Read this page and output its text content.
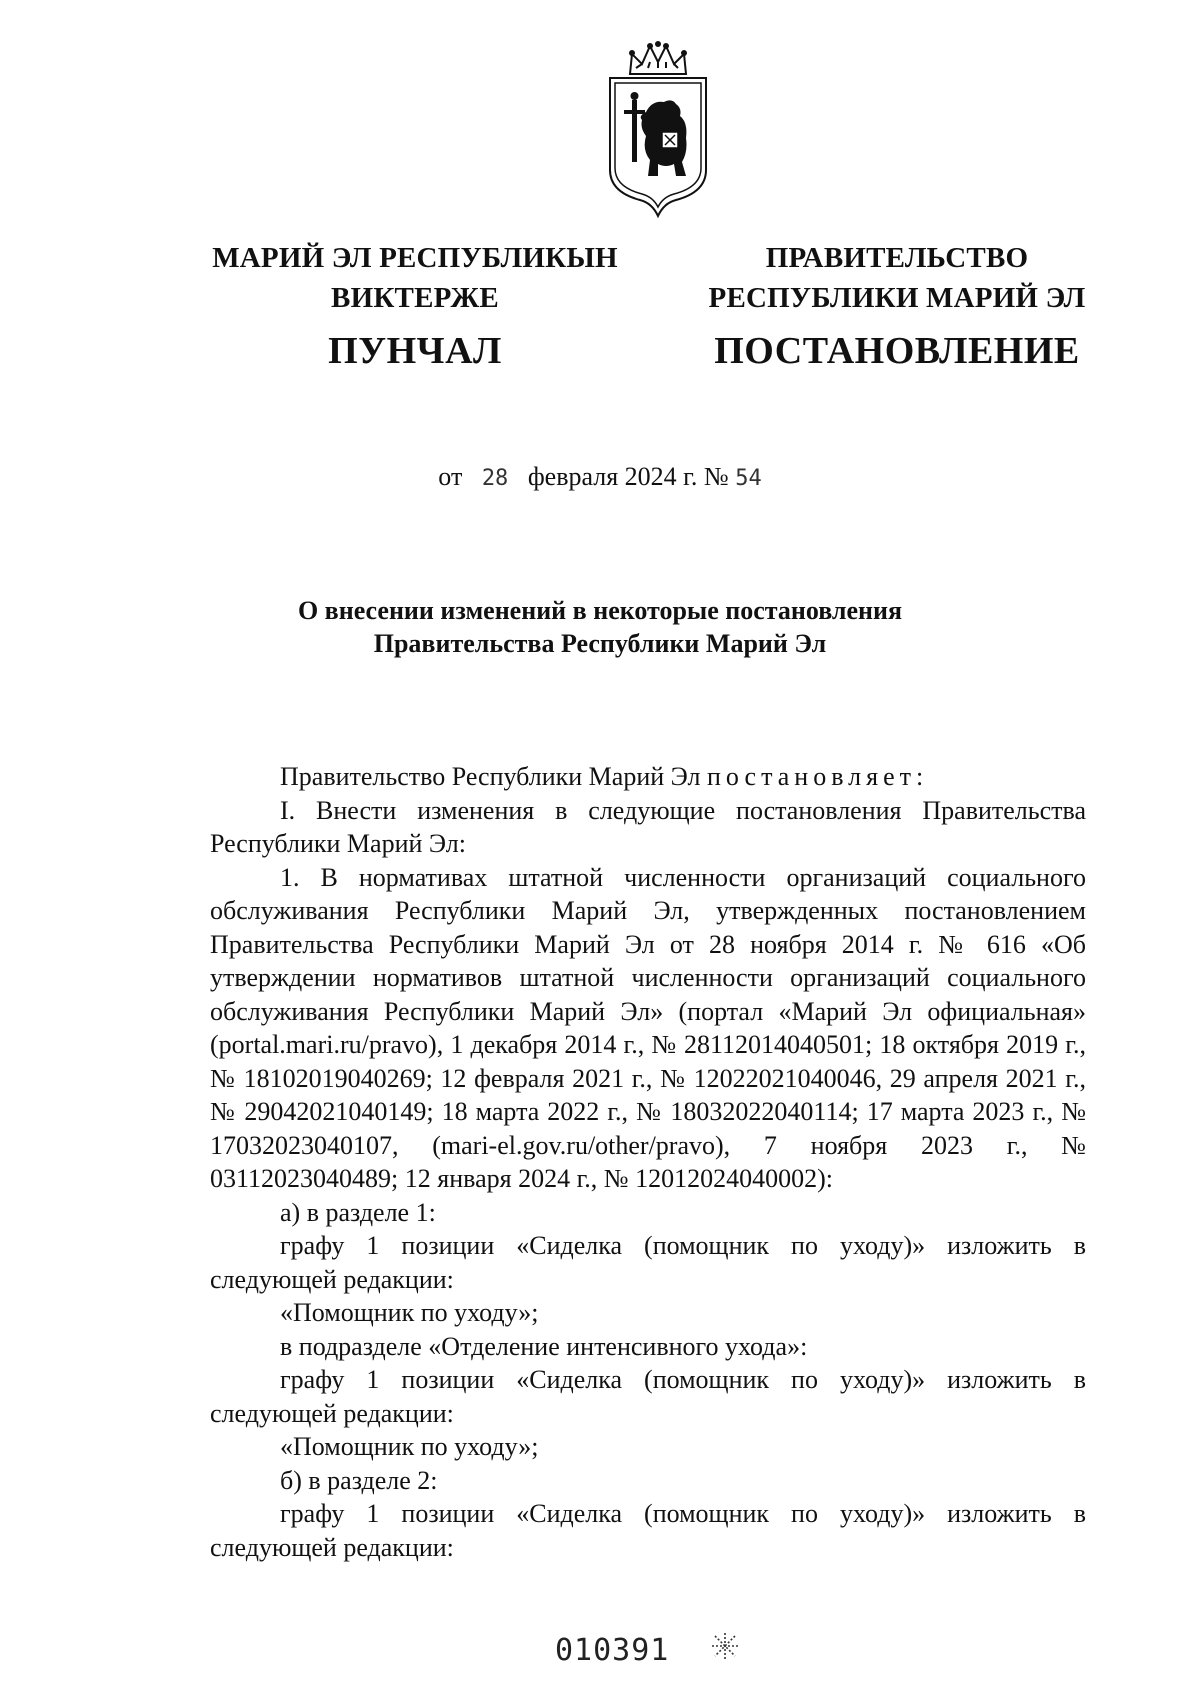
МАРИЙ ЭЛ РЕСПУБЛИКЫН
ВИКТЕРЖЕ
ПУНЧАЛ
ПРАВИТЕЛЬСТВО
РЕСПУБЛИКИ МАРИЙ ЭЛ
ПОСТАНОВЛЕНИЕ
от 28 февраля 2024 г. № 54
О внесении изменений в некоторые постановления
Правительства Республики Марий Эл

Правительство Республики Марий Эл постановляет:

I. Внести изменения в следующие постановления Правительства Республики Марий Эл:

1. В нормативах штатной численности организаций социального обслуживания Республики Марий Эл, утвержденных постановлением Правительства Республики Марий Эл от 28 ноября 2014 г. № 616 «Об утверждении нормативов штатной численности организаций социального обслуживания Республики Марий Эл» (портал «Марий Эл официальная» (portal.mari.ru/pravo), 1 декабря 2014 г., № 28112014040501; 18 октября 2019 г., № 18102019040269; 12 февраля 2021 г., № 12022021040046, 29 апреля 2021 г., № 29042021040149; 18 марта 2022 г., № 18032022040114; 17 марта 2023 г., № 17032023040107, (mari-el.gov.ru/other/pravo), 7 ноября 2023 г., № 03112023040489; 12 января 2024 г., № 12012024040002):

а) в разделе 1:

графу 1 позиции «Сиделка (помощник по уходу)» изложить в следующей редакции:

«Помощник по уходу»;

в подразделе «Отделение интенсивного ухода»:

графу 1 позиции «Сиделка (помощник по уходу)» изложить в следующей редакции:

«Помощник по уходу»;

б) в разделе 2:

графу 1 позиции «Сиделка (помощник по уходу)» изложить в следующей редакции:

010391
